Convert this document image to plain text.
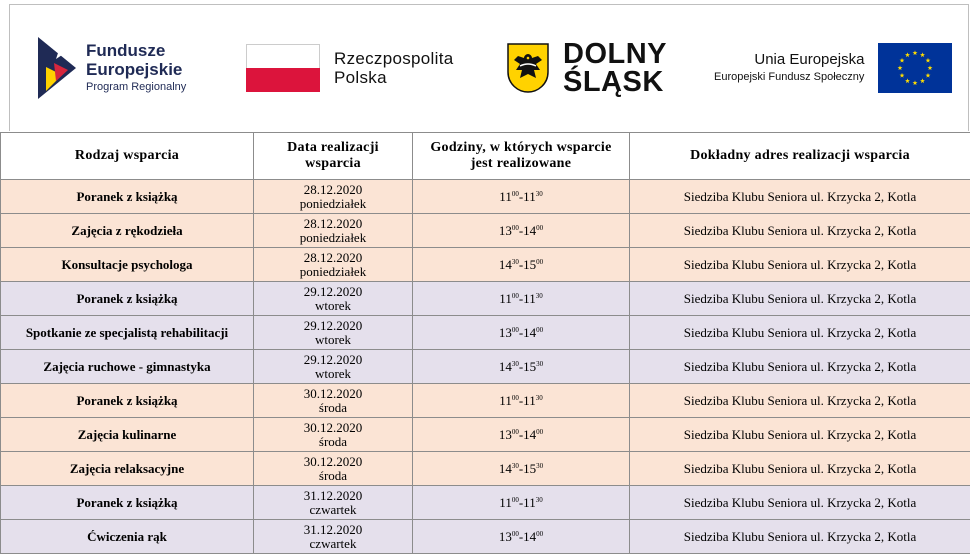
Fundusze
Europejskie
Program Regionalny
Rzeczpospolita
Polska
DOLNY
ŚLĄSK
Unia Europejska
Europejski Fundusz Społeczny
Rodzaj wsparcia	Data realizacji
wsparcia	Godziny, w których wsparcie
jest realizowane	Dokładny adres realizacji wsparcia
Poranek z książką	28.12.2020
poniedziałek	$11^{00}-11^{30}$	Siedziba Klubu Seniora ul. Krzycka 2, Kotla
Zajęcia z rękodzieła	28.12.2020
poniedziałek	$13^{00}-14^{00}$	Siedziba Klubu Seniora ul. Krzycka 2, Kotla
Konsultacje psychologa	28.12.2020
poniedziałek	$14^{30}-15^{00}$	Siedziba Klubu Seniora ul. Krzycka 2, Kotla
Poranek z książką	29.12.2020
wtorek	$11^{00}-11^{30}$	Siedziba Klubu Seniora ul. Krzycka 2, Kotla
Spotkanie ze specjalistą rehabilitacji	29.12.2020
wtorek	$13^{00}-14^{00}$	Siedziba Klubu Seniora ul. Krzycka 2, Kotla
Zajęcia ruchowe - gimnastyka	29.12.2020
wtorek	$14^{30}-15^{30}$	Siedziba Klubu Seniora ul. Krzycka 2, Kotla
Poranek z książką	30.12.2020
środa	$11^{00}-11^{30}$	Siedziba Klubu Seniora ul. Krzycka 2, Kotla
Zajęcia kulinarne	30.12.2020
środa	$13^{00}-14^{00}$	Siedziba Klubu Seniora ul. Krzycka 2, Kotla
Zajęcia relaksacyjne	30.12.2020
środa	$14^{30}-15^{30}$	Siedziba Klubu Seniora ul. Krzycka 2, Kotla
Poranek z książką	31.12.2020
czwartek	$11^{00}-11^{30}$	Siedziba Klubu Seniora ul. Krzycka 2, Kotla
Ćwiczenia rąk	31.12.2020
czwartek	$13^{00}-14^{00}$	Siedziba Klubu Seniora ul. Krzycka 2, Kotla
